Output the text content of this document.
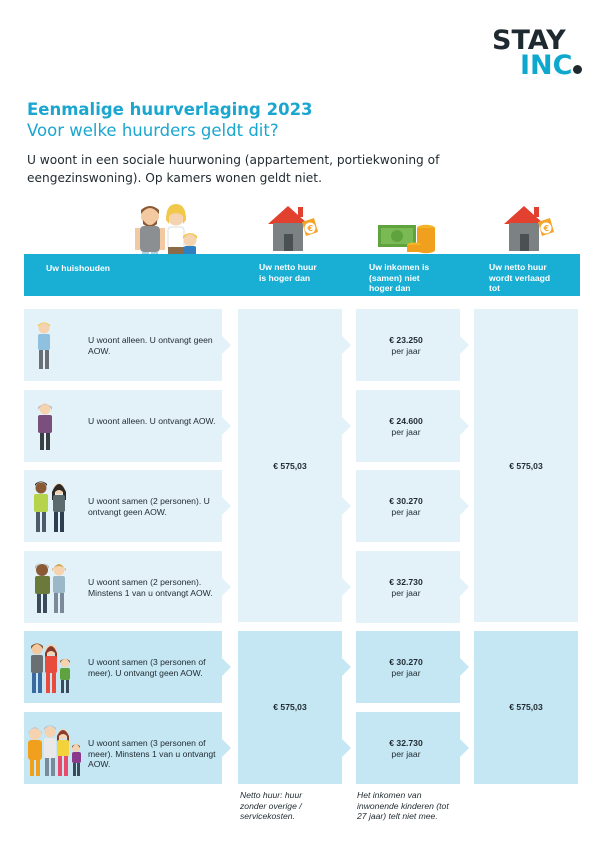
STAY
INC
Eenmalige huurverlaging 2023
Voor welke huurders geldt dit?
U woont in een sociale huurwoning (appartement, portiekwoning of eengezinswoning). Op kamers wonen geldt niet.
€	€
Uw huishouden	Uw netto huur is hoger dan
Uw inkomen is (samen) niet hoger dan
Uw netto huur wordt verlaagd tot
U woont alleen. U ontvangt geen AOW.
U woont alleen. U ontvangt AOW.
U woont samen (2 personen). U ontvangt geen AOW.
U woont samen (2 personen). Minstens 1 van u ontvangt AOW.
U woont samen (3 personen of meer). U ontvangt geen AOW.
U woont samen (3 personen of meer). Minstens 1 van u ontvangt AOW.
€ 575,03
€ 575,03
€ 23.250
per jaar
€ 24.600
per jaar
€ 30.270
per jaar
€ 32.730
per jaar
€ 30.270
per jaar
€ 32.730
per jaar
€ 575,03
€ 575,03
Netto huur: huur zonder overige / servicekosten.
Het inkomen van inwonende kinderen (tot 27 jaar) telt niet mee.
